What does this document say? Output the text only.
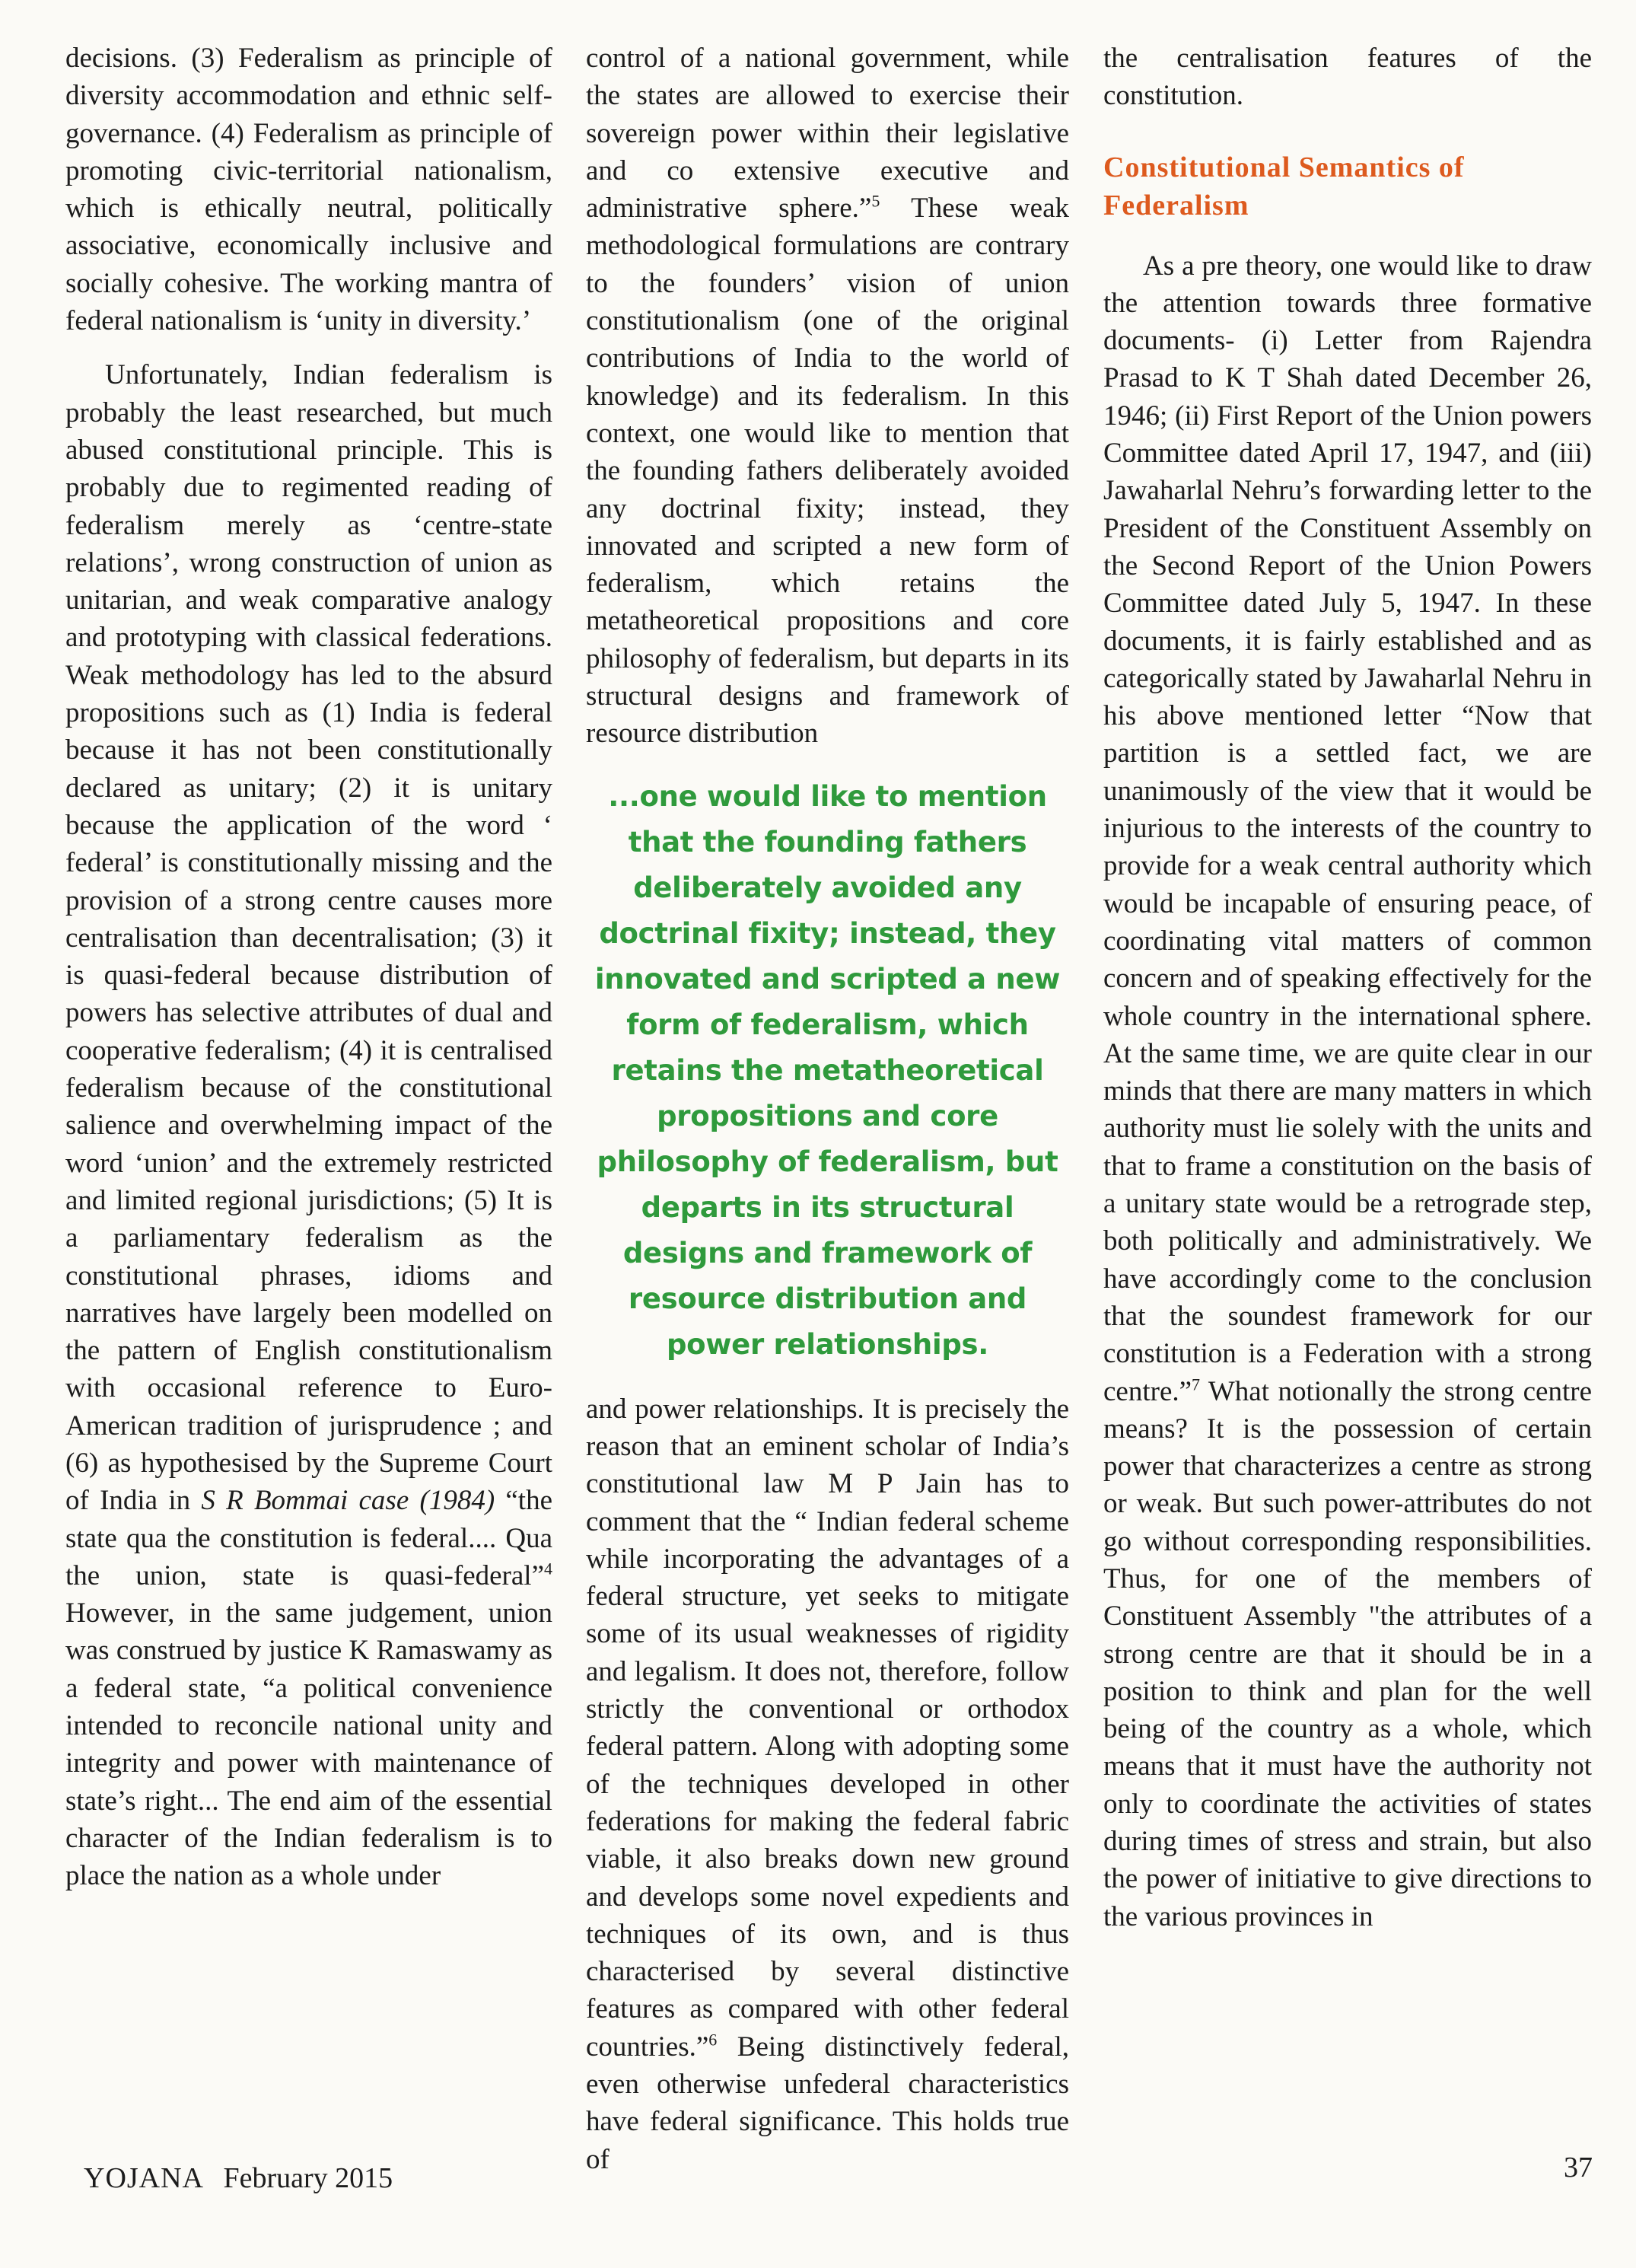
decisions. (3) Federalism as principle of diversity accommodation and ethnic self-governance. (4) Federalism as principle of promoting civic-territorial nationalism, which is ethically neutral, politically associative, economically inclusive and socially cohesive. The working mantra of federal nationalism is ‘unity in diversity.’

Unfortunately, Indian federalism is probably the least researched, but much abused constitutional principle. This is probably due to regimented reading of federalism merely as ‘centre-state relations’, wrong construction of union as unitarian, and weak comparative analogy and prototyping with classical federations. Weak methodology has led to the absurd propositions such as (1) India is federal because it has not been constitutionally declared as unitary; (2) it is unitary because the application of the word ‘ federal’ is constitutionally missing and the provision of a strong centre causes more centralisation than decentralisation; (3) it is quasi-federal because distribution of powers has selective attributes of dual and cooperative federalism; (4) it is centralised federalism because of the constitutional salience and overwhelming impact of the word ‘union’ and the extremely restricted and limited regional jurisdictions; (5) It is a parliamentary federalism as the constitutional phrases, idioms and narratives have largely been modelled on the pattern of English constitutionalism with occasional reference to Euro-American tradition of jurisprudence ; and (6) as hypothesised by the Supreme Court of India in S R Bommai case (1984) “the state qua the constitution is federal.... Qua the union, state is quasi-federal”$^4$ However, in the same judgement, union was construed by justice K Ramaswamy as a federal state, “a political convenience intended to reconcile national unity and integrity and power with maintenance of state’s right... The end aim of the essential character of the Indian federalism is to place the nation as a whole under

control of a national government, while the states are allowed to exercise their sovereign power within their legislative and co extensive executive and administrative sphere.”$^5$ These weak methodological formulations are contrary to the founders’ vision of union constitutionalism (one of the original contributions of India to the world of knowledge) and its federalism. In this context, one would like to mention that the founding fathers deliberately avoided any doctrinal fixity; instead, they innovated and scripted a new form of federalism, which retains the metatheoretical propositions and core philosophy of federalism, but departs in its structural designs and framework of resource distribution

...one would like to mention that the founding fathers deliberately avoided any doctrinal fixity; instead, they innovated and scripted a new form of federalism, which retains the metatheoretical propositions and core philosophy of federalism, but departs in its structural designs and framework of resource distribution and power relationships.

and power relationships. It is precisely the reason that an eminent scholar of India’s constitutional law M P Jain has to comment that the “ Indian federal scheme while incorporating the advantages of a federal structure, yet seeks to mitigate some of its usual weaknesses of rigidity and legalism. It does not, therefore, follow strictly the conventional or orthodox federal pattern. Along with adopting some of the techniques developed in other federations for making the federal fabric viable, it also breaks down new ground and develops some novel expedients and techniques of its own, and is thus characterised by several distinctive features as compared with other federal countries.”$^6$ Being distinctively federal, even otherwise unfederal characteristics have federal significance. This holds true of

the centralisation features of the constitution.

Constitutional Semantics of Federalism

As a pre theory, one would like to draw the attention towards three formative documents- (i) Letter from Rajendra Prasad to K T Shah dated December 26, 1946; (ii) First Report of the Union powers Committee dated April 17, 1947, and (iii) Jawaharlal Nehru’s forwarding letter to the President of the Constituent Assembly on the Second Report of the Union Powers Committee dated July 5, 1947. In these documents, it is fairly established and as categorically stated by Jawaharlal Nehru in his above mentioned letter “Now that partition is a settled fact, we are unanimously of the view that it would be injurious to the interests of the country to provide for a weak central authority which would be incapable of ensuring peace, of coordinating vital matters of common concern and of speaking effectively for the whole country in the international sphere. At the same time, we are quite clear in our minds that there are many matters in which authority must lie solely with the units and that to frame a constitution on the basis of a unitary state would be a retrograde step, both politically and administratively. We have accordingly come to the conclusion that the soundest framework for our constitution is a Federation with a strong centre.”$^7$ What notionally the strong centre means? It is the possession of certain power that characterizes a centre as strong or weak. But such power-attributes do not go without corresponding responsibilities. Thus, for one of the members of Constituent Assembly "the attributes of a strong centre are that it should be in a position to think and plan for the well being of the country as a whole, which means that it must have the authority not only to coordinate the activities of states during times of stress and strain, but also the power of initiative to give directions to the various provinces in

YOJANA February 2015	37
